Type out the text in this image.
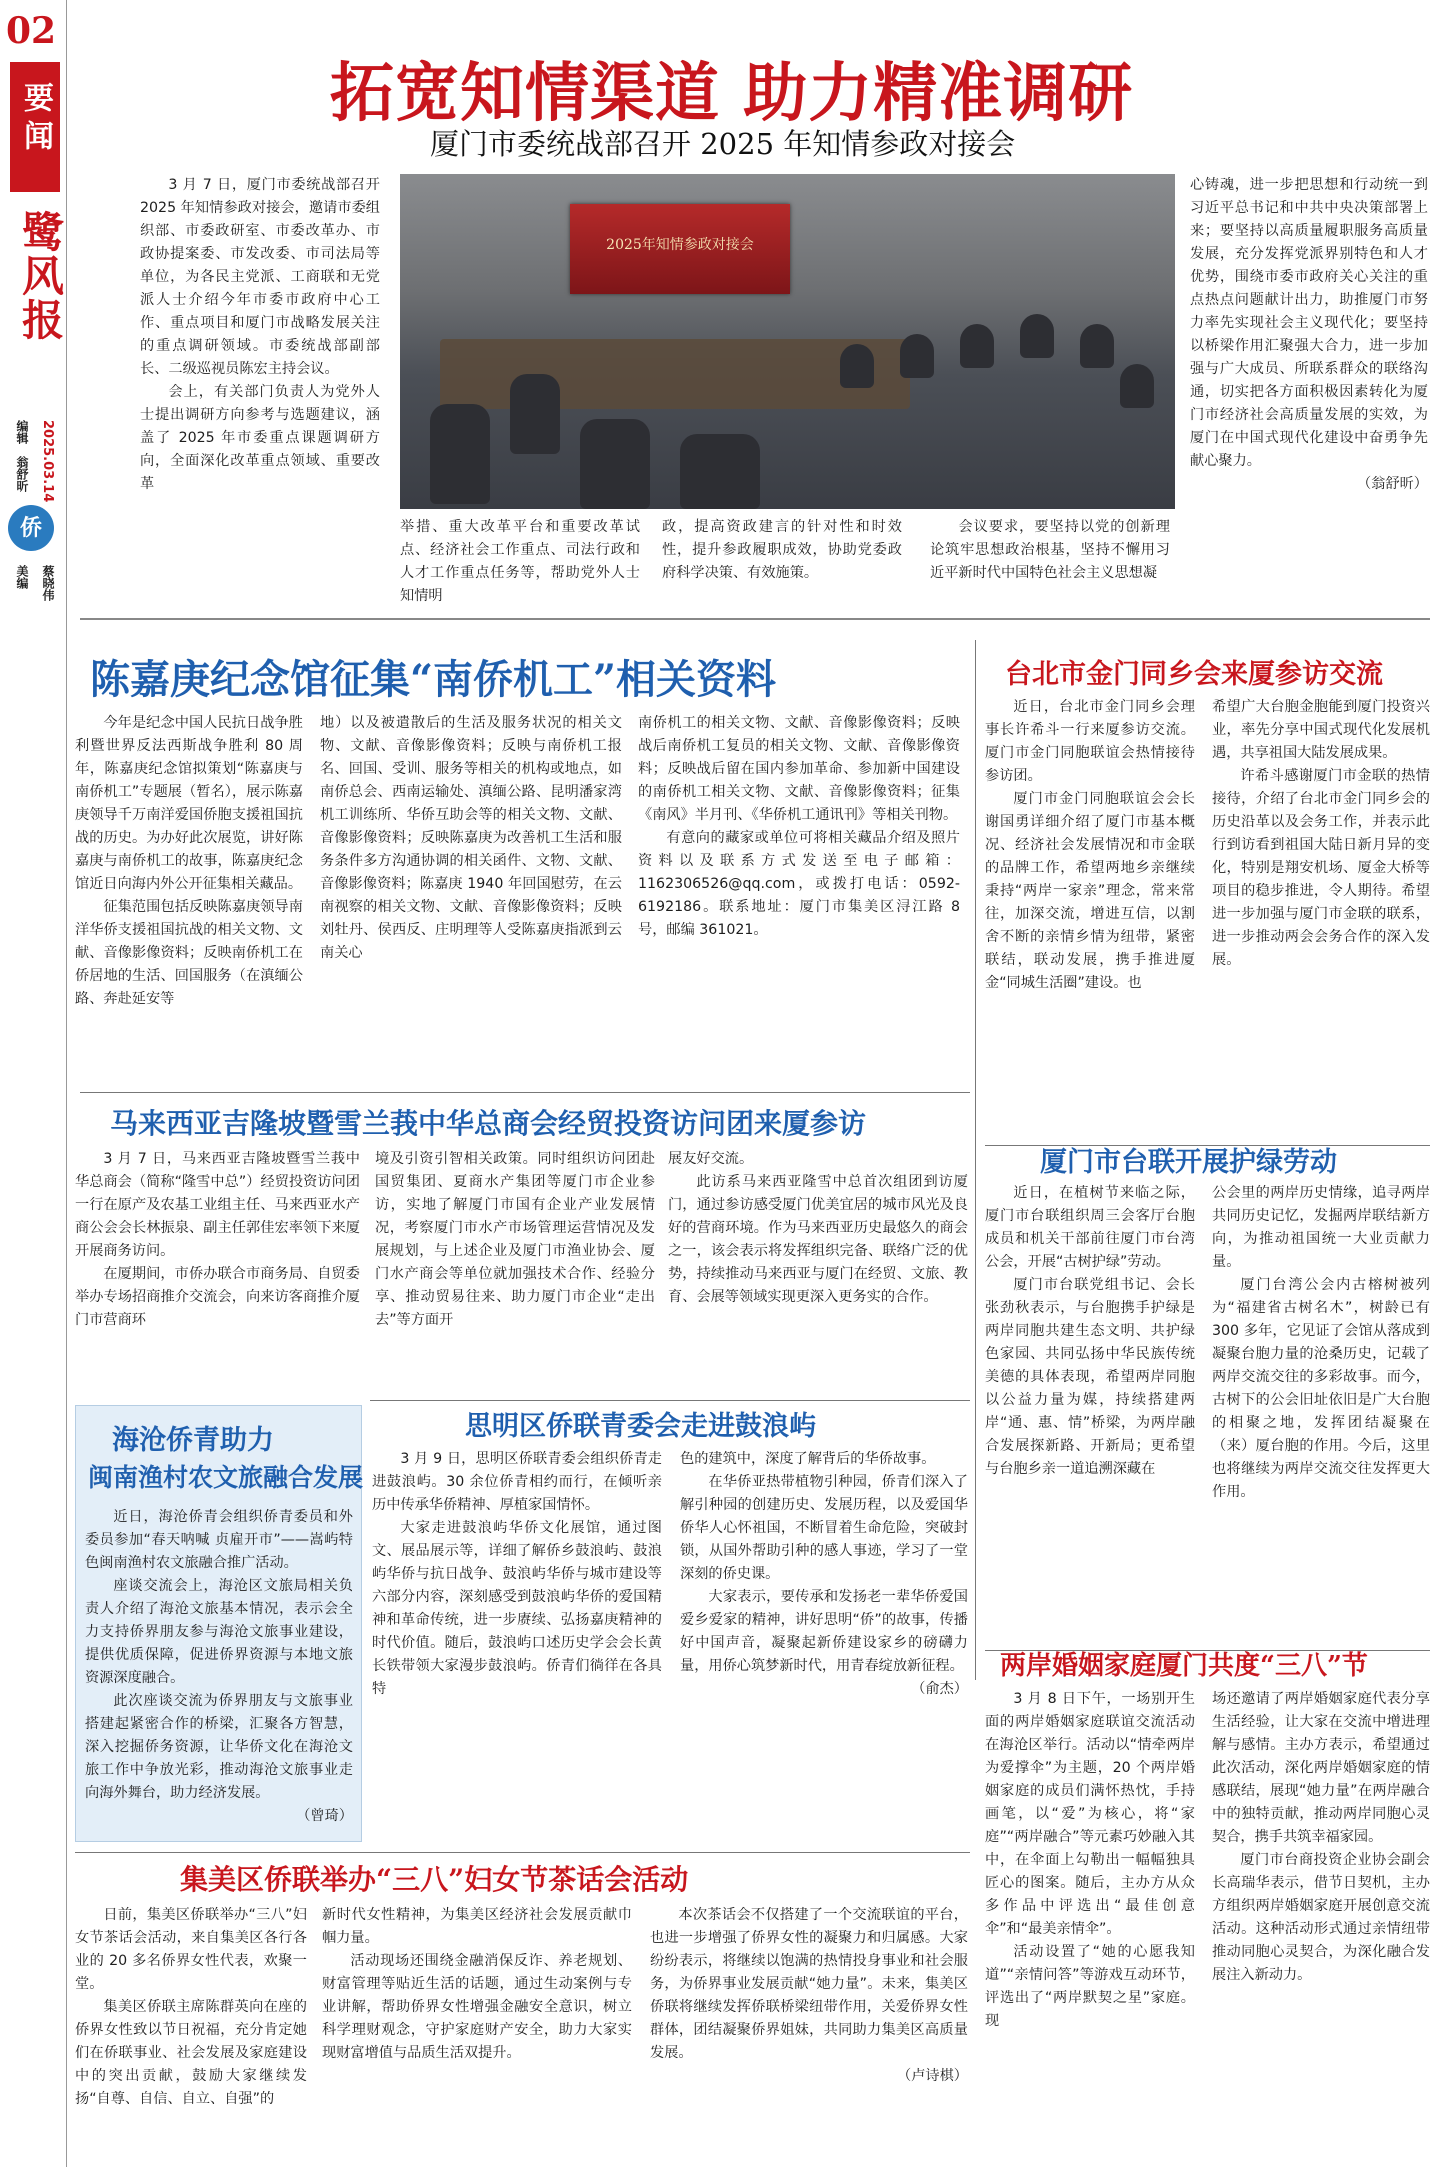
02
要闻
鹭风报
2025.03.14
编辑
翁舒昕
侨
美编 蔡晓伟
拓宽知情渠道 助力精准调研
厦门市委统战部召开 2025 年知情参政对接会

3 月 7 日，厦门市委统战部召开 2025 年知情参政对接会，邀请市委组织部、市委政研室、市委改革办、市政协提案委、市发改委、市司法局等单位，为各民主党派、工商联和无党派人士介绍今年市委市政府中心工作、重点项目和厦门市战略发展关注的重点调研领域。市委统战部副部长、二级巡视员陈宏主持会议。

会上，有关部门负责人为党外人士提出调研方向参考与选题建议，涵盖了 2025 年市委重点课题调研方向，全面深化改革重点领域、重要改革

2025年知情参政对接会

举措、重大改革平台和重要改革试点、经济社会工作重点、司法行政和人才工作重点任务等，帮助党外人士知情明

政，提高资政建言的针对性和时效性，提升参政履职成效，协助党委政府科学决策、有效施策。

会议要求，要坚持以党的创新理论筑牢思想政治根基，坚持不懈用习近平新时代中国特色社会主义思想凝

心铸魂，进一步把思想和行动统一到习近平总书记和中共中央决策部署上来；要坚持以高质量履职服务高质量发展，充分发挥党派界别特色和人才优势，围绕市委市政府关心关注的重点热点问题献计出力，助推厦门市努力率先实现社会主义现代化；要坚持以桥梁作用汇聚强大合力，进一步加强与广大成员、所联系群众的联络沟通，切实把各方面积极因素转化为厦门市经济社会高质量发展的实效，为厦门在中国式现代化建设中奋勇争先献心聚力。

（翁舒昕）
陈嘉庚纪念馆征集“南侨机工”相关资料

今年是纪念中国人民抗日战争胜利暨世界反法西斯战争胜利 80 周年，陈嘉庚纪念馆拟策划“陈嘉庚与南侨机工”专题展（暂名），展示陈嘉庚领导千万南洋爱国侨胞支援祖国抗战的历史。为办好此次展览，讲好陈嘉庚与南侨机工的故事，陈嘉庚纪念馆近日向海内外公开征集相关藏品。

征集范围包括反映陈嘉庚领导南洋华侨支援祖国抗战的相关文物、文献、音像影像资料；反映南侨机工在侨居地的生活、回国服务（在滇缅公路、奔赴延安等

地）以及被遣散后的生活及服务状况的相关文物、文献、音像影像资料；反映与南侨机工报名、回国、受训、服务等相关的机构或地点，如南侨总会、西南运输处、滇缅公路、昆明潘家湾机工训练所、华侨互助会等的相关文物、文献、音像影像资料；反映陈嘉庚为改善机工生活和服务条件多方沟通协调的相关函件、文物、文献、音像影像资料；陈嘉庚 1940 年回国慰劳，在云南视察的相关文物、文献、音像影像资料；反映刘牡丹、侯西反、庄明理等人受陈嘉庚指派到云南关心

南侨机工的相关文物、文献、音像影像资料；反映战后南侨机工复员的相关文物、文献、音像影像资料；反映战后留在国内参加革命、参加新中国建设的南侨机工相关文物、文献、音像影像资料；征集《南风》半月刊、《华侨机工通讯刊》等相关刊物。

有意向的藏家或单位可将相关藏品介绍及照片资料以及联系方式发送至电子邮箱：1162306526@qq.com，或拨打电话：0592-6192186。联系地址：厦门市集美区浔江路 8 号，邮编 361021。

台北市金门同乡会来厦参访交流

近日，台北市金门同乡会理事长许希斗一行来厦参访交流。厦门市金门同胞联谊会热情接待参访团。

厦门市金门同胞联谊会会长谢国勇详细介绍了厦门市基本概况、经济社会发展情况和市金联的品牌工作，希望两地乡亲继续秉持“两岸一家亲”理念，常来常往，加深交流，增进互信，以割舍不断的亲情乡情为纽带，紧密联结，联动发展，携手推进厦金“同城生活圈”建设。也

希望广大台胞金胞能到厦门投资兴业，率先分享中国式现代化发展机遇，共享祖国大陆发展成果。

许希斗感谢厦门市金联的热情接待，介绍了台北市金门同乡会的历史沿革以及会务工作，并表示此行到访看到祖国大陆日新月异的变化，特别是翔安机场、厦金大桥等项目的稳步推进，令人期待。希望进一步加强与厦门市金联的联系，进一步推动两会会务合作的深入发展。

马来西亚吉隆坡暨雪兰莪中华总商会经贸投资访问团来厦参访

3 月 7 日，马来西亚吉隆坡暨雪兰莪中华总商会（简称“隆雪中总”）经贸投资访问团一行在原产及农基工业组主任、马来西亚水产商公会会长林振泉、副主任郭佳宏率领下来厦开展商务访问。

在厦期间，市侨办联合市商务局、自贸委举办专场招商推介交流会，向来访客商推介厦门市营商环

境及引资引智相关政策。同时组织访问团赴国贸集团、夏商水产集团等厦门市企业参访，实地了解厦门市国有企业产业发展情况，考察厦门市水产市场管理运营情况及发展规划，与上述企业及厦门市渔业协会、厦门水产商会等单位就加强技术合作、经验分享、推动贸易往来、助力厦门市企业“走出去”等方面开

展友好交流。

此访系马来西亚隆雪中总首次组团到访厦门，通过参访感受厦门优美宜居的城市风光及良好的营商环境。作为马来西亚历史最悠久的商会之一，该会表示将发挥组织完备、联络广泛的优势，持续推动马来西亚与厦门在经贸、文旅、教育、会展等领域实现更深入更务实的合作。

厦门市台联开展护绿劳动

近日，在植树节来临之际，厦门市台联组织周三会客厅台胞成员和机关干部前往厦门市台湾公会，开展“古树护绿”劳动。

厦门市台联党组书记、会长张劲秋表示，与台胞携手护绿是两岸同胞共建生态文明、共护绿色家园、共同弘扬中华民族传统美德的具体表现，希望两岸同胞以公益力量为媒，持续搭建两岸“通、惠、情”桥梁，为两岸融合发展探新路、开新局；更希望与台胞乡亲一道追溯深藏在

公会里的两岸历史情缘，追寻两岸共同历史记忆，发掘两岸联结新方向，为推动祖国统一大业贡献力量。

厦门台湾公会内古榕树被列为“福建省古树名木”，树龄已有 300 多年，它见证了会馆从落成到凝聚台胞力量的沧桑历史，记载了两岸交流交往的多彩故事。而今，古树下的公会旧址依旧是广大台胞的相聚之地，发挥团结凝聚在（来）厦台胞的作用。今后，这里也将继续为两岸交流交往发挥更大作用。

海沧侨青助力
闽南渔村农文旅融合发展

近日，海沧侨青会组织侨青委员和外委员参加“春天呐喊 贞雇开市”——嵩屿特色闽南渔村农文旅融合推广活动。

座谈交流会上，海沧区文旅局相关负责人介绍了海沧文旅基本情况，表示会全力支持侨界朋友参与海沧文旅事业建设，提供优质保障，促进侨界资源与本地文旅资源深度融合。

此次座谈交流为侨界朋友与文旅事业搭建起紧密合作的桥梁，汇聚各方智慧，深入挖掘侨务资源，让华侨文化在海沧文旅工作中争放光彩，推动海沧文旅事业走向海外舞台，助力经济发展。

（曾琦）
思明区侨联青委会走进鼓浪屿

3 月 9 日，思明区侨联青委会组织侨青走进鼓浪屿。30 余位侨青相约而行，在倾听亲历中传承华侨精神、厚植家国情怀。

大家走进鼓浪屿华侨文化展馆，通过图文、展品展示等，详细了解侨乡鼓浪屿、鼓浪屿华侨与抗日战争、鼓浪屿华侨与城市建设等六部分内容，深刻感受到鼓浪屿华侨的爱国精神和革命传统，进一步赓续、弘扬嘉庚精神的时代价值。随后，鼓浪屿口述历史学会会长黄长铁带领大家漫步鼓浪屿。侨青们徜徉在各具特

色的建筑中，深度了解背后的华侨故事。

在华侨亚热带植物引种园，侨青们深入了解引种园的创建历史、发展历程，以及爱国华侨华人心怀祖国，不断冒着生命危险，突破封锁，从国外帮助引种的感人事迹，学习了一堂深刻的侨史课。

大家表示，要传承和发扬老一辈华侨爱国爱乡爱家的精神，讲好思明“侨”的故事，传播好中国声音，凝聚起新侨建设家乡的磅礴力量，用侨心筑梦新时代，用青春绽放新征程。

（俞杰）
两岸婚姻家庭厦门共度“三八”节

3 月 8 日下午，一场别开生面的两岸婚姻家庭联谊交流活动在海沧区举行。活动以“情牵两岸为爱撑伞”为主题，20 个两岸婚姻家庭的成员们满怀热忱，手持画笔，以“爱”为核心，将“家庭”“两岸融合”等元素巧妙融入其中，在伞面上勾勒出一幅幅独具匠心的图案。随后，主办方从众多作品中评选出“最佳创意伞”和“最美亲情伞”。

活动设置了“她的心愿我知道”“亲情问答”等游戏互动环节，评选出了“两岸默契之星”家庭。现

场还邀请了两岸婚姻家庭代表分享生活经验，让大家在交流中增进理解与感情。主办方表示，希望通过此次活动，深化两岸婚姻家庭的情感联结，展现“她力量”在两岸融合中的独特贡献，推动两岸同胞心灵契合，携手共筑幸福家园。

厦门市台商投资企业协会副会长高瑞华表示，借节日契机，主办方组织两岸婚姻家庭开展创意交流活动。这种活动形式通过亲情纽带推动同胞心灵契合，为深化融合发展注入新动力。

集美区侨联举办“三八”妇女节茶话会活动

日前，集美区侨联举办“三八”妇女节茶话会活动，来自集美区各行各业的 20 多名侨界女性代表，欢聚一堂。

集美区侨联主席陈群英向在座的侨界女性致以节日祝福，充分肯定她们在侨联事业、社会发展及家庭建设中的突出贡献，鼓励大家继续发扬“自尊、自信、自立、自强”的

新时代女性精神，为集美区经济社会发展贡献巾帼力量。

活动现场还围绕金融消保反诈、养老规划、财富管理等贴近生活的话题，通过生动案例与专业讲解，帮助侨界女性增强金融安全意识，树立科学理财观念，守护家庭财产安全，助力大家实现财富增值与品质生活双提升。

本次茶话会不仅搭建了一个交流联谊的平台，也进一步增强了侨界女性的凝聚力和归属感。大家纷纷表示，将继续以饱满的热情投身事业和社会服务，为侨界事业发展贡献“她力量”。未来，集美区侨联将继续发挥侨联桥梁纽带作用，关爱侨界女性群体，团结凝聚侨界姐妹，共同助力集美区高质量发展。

（卢诗棋）
